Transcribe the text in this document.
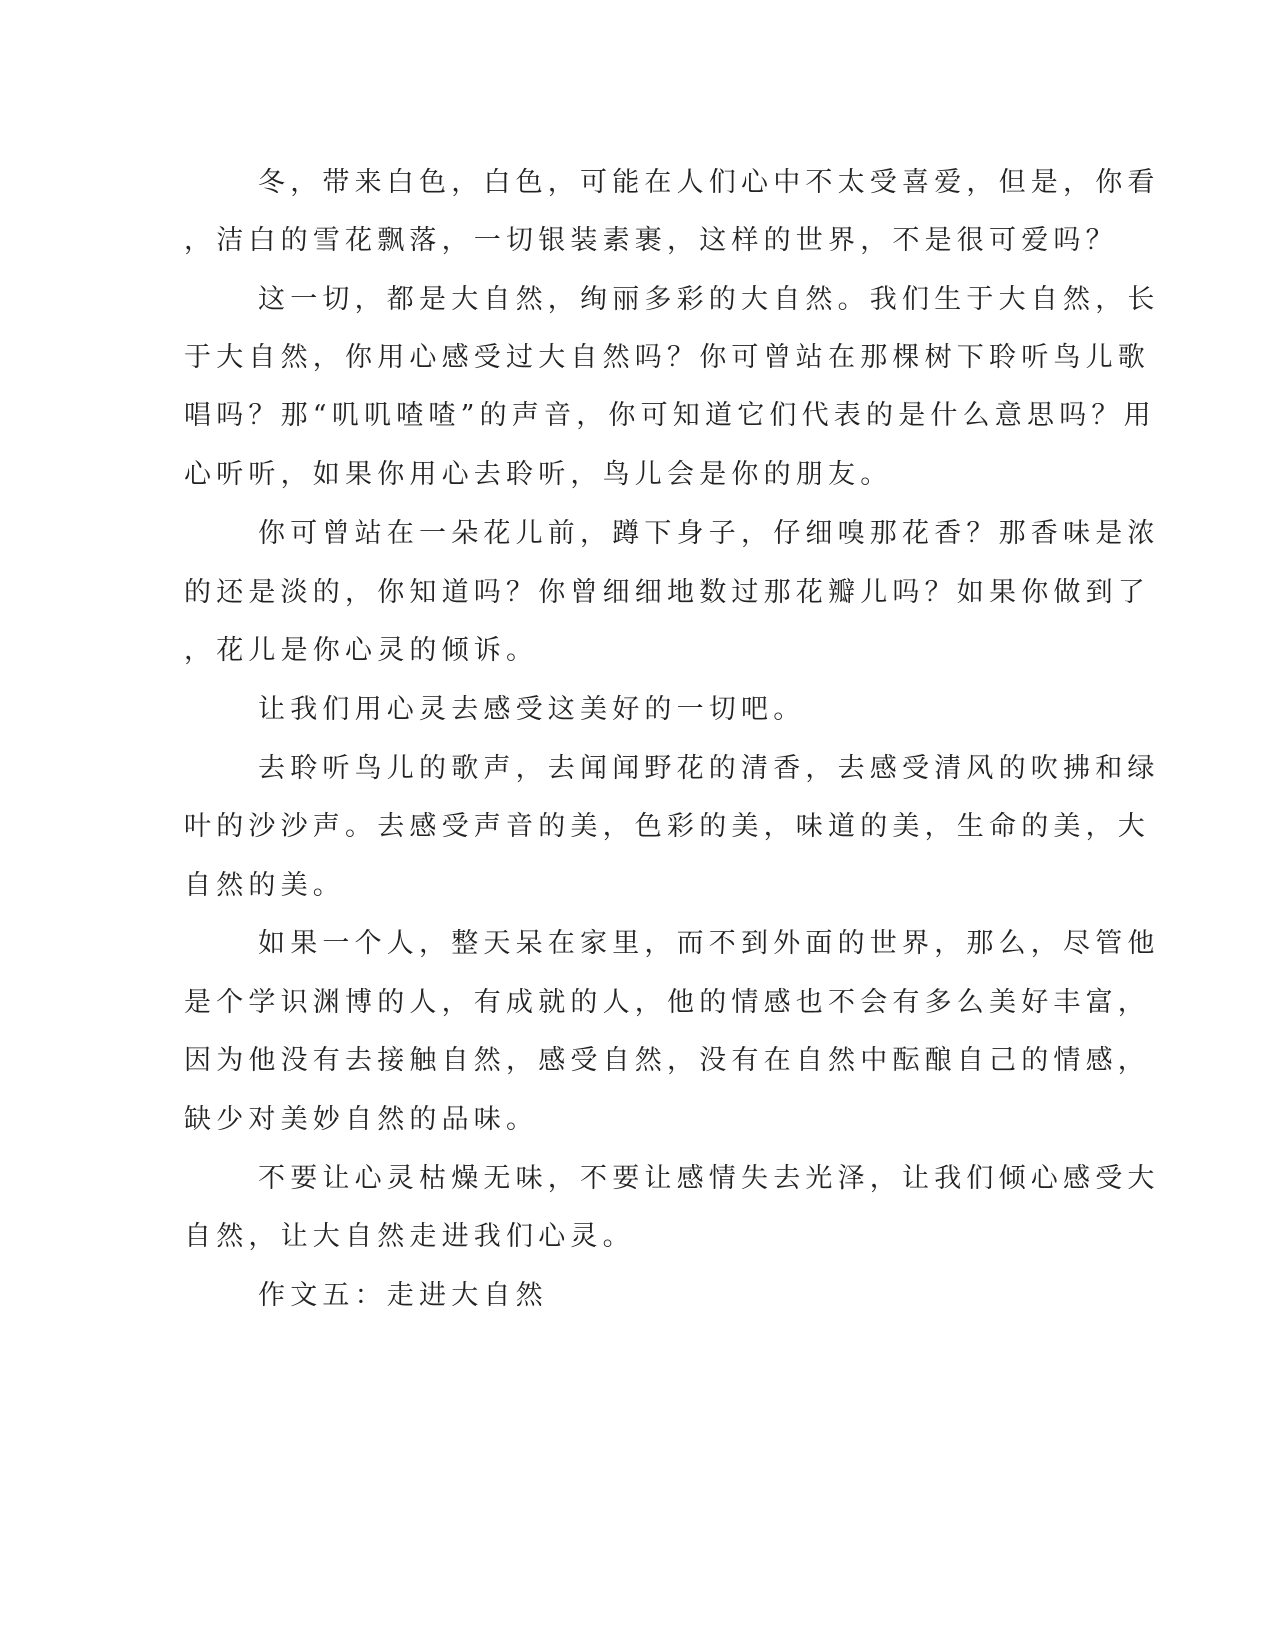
冬，带来白色，白色，可能在人们心中不太受喜爱，但是，你看

，洁白的雪花飘落，一切银装素裹，这样的世界，不是很可爱吗？

这一切，都是大自然，绚丽多彩的大自然。我们生于大自然，长

于大自然，你用心感受过大自然吗？你可曾站在那棵树下聆听鸟儿歌

唱吗？那“叽叽喳喳”的声音，你可知道它们代表的是什么意思吗？用

心听听，如果你用心去聆听，鸟儿会是你的朋友。

你可曾站在一朵花儿前，蹲下身子，仔细嗅那花香？那香味是浓

的还是淡的，你知道吗？你曾细细地数过那花瓣儿吗？如果你做到了

，花儿是你心灵的倾诉。

让我们用心灵去感受这美好的一切吧。

去聆听鸟儿的歌声，去闻闻野花的清香，去感受清风的吹拂和绿

叶的沙沙声。去感受声音的美，色彩的美，味道的美，生命的美，大

自然的美。

如果一个人，整天呆在家里，而不到外面的世界，那么，尽管他

是个学识渊博的人，有成就的人，他的情感也不会有多么美好丰富，

因为他没有去接触自然，感受自然，没有在自然中酝酿自己的情感，

缺少对美妙自然的品味。

不要让心灵枯燥无味，不要让感情失去光泽，让我们倾心感受大

自然，让大自然走进我们心灵。

作文五：走进大自然
